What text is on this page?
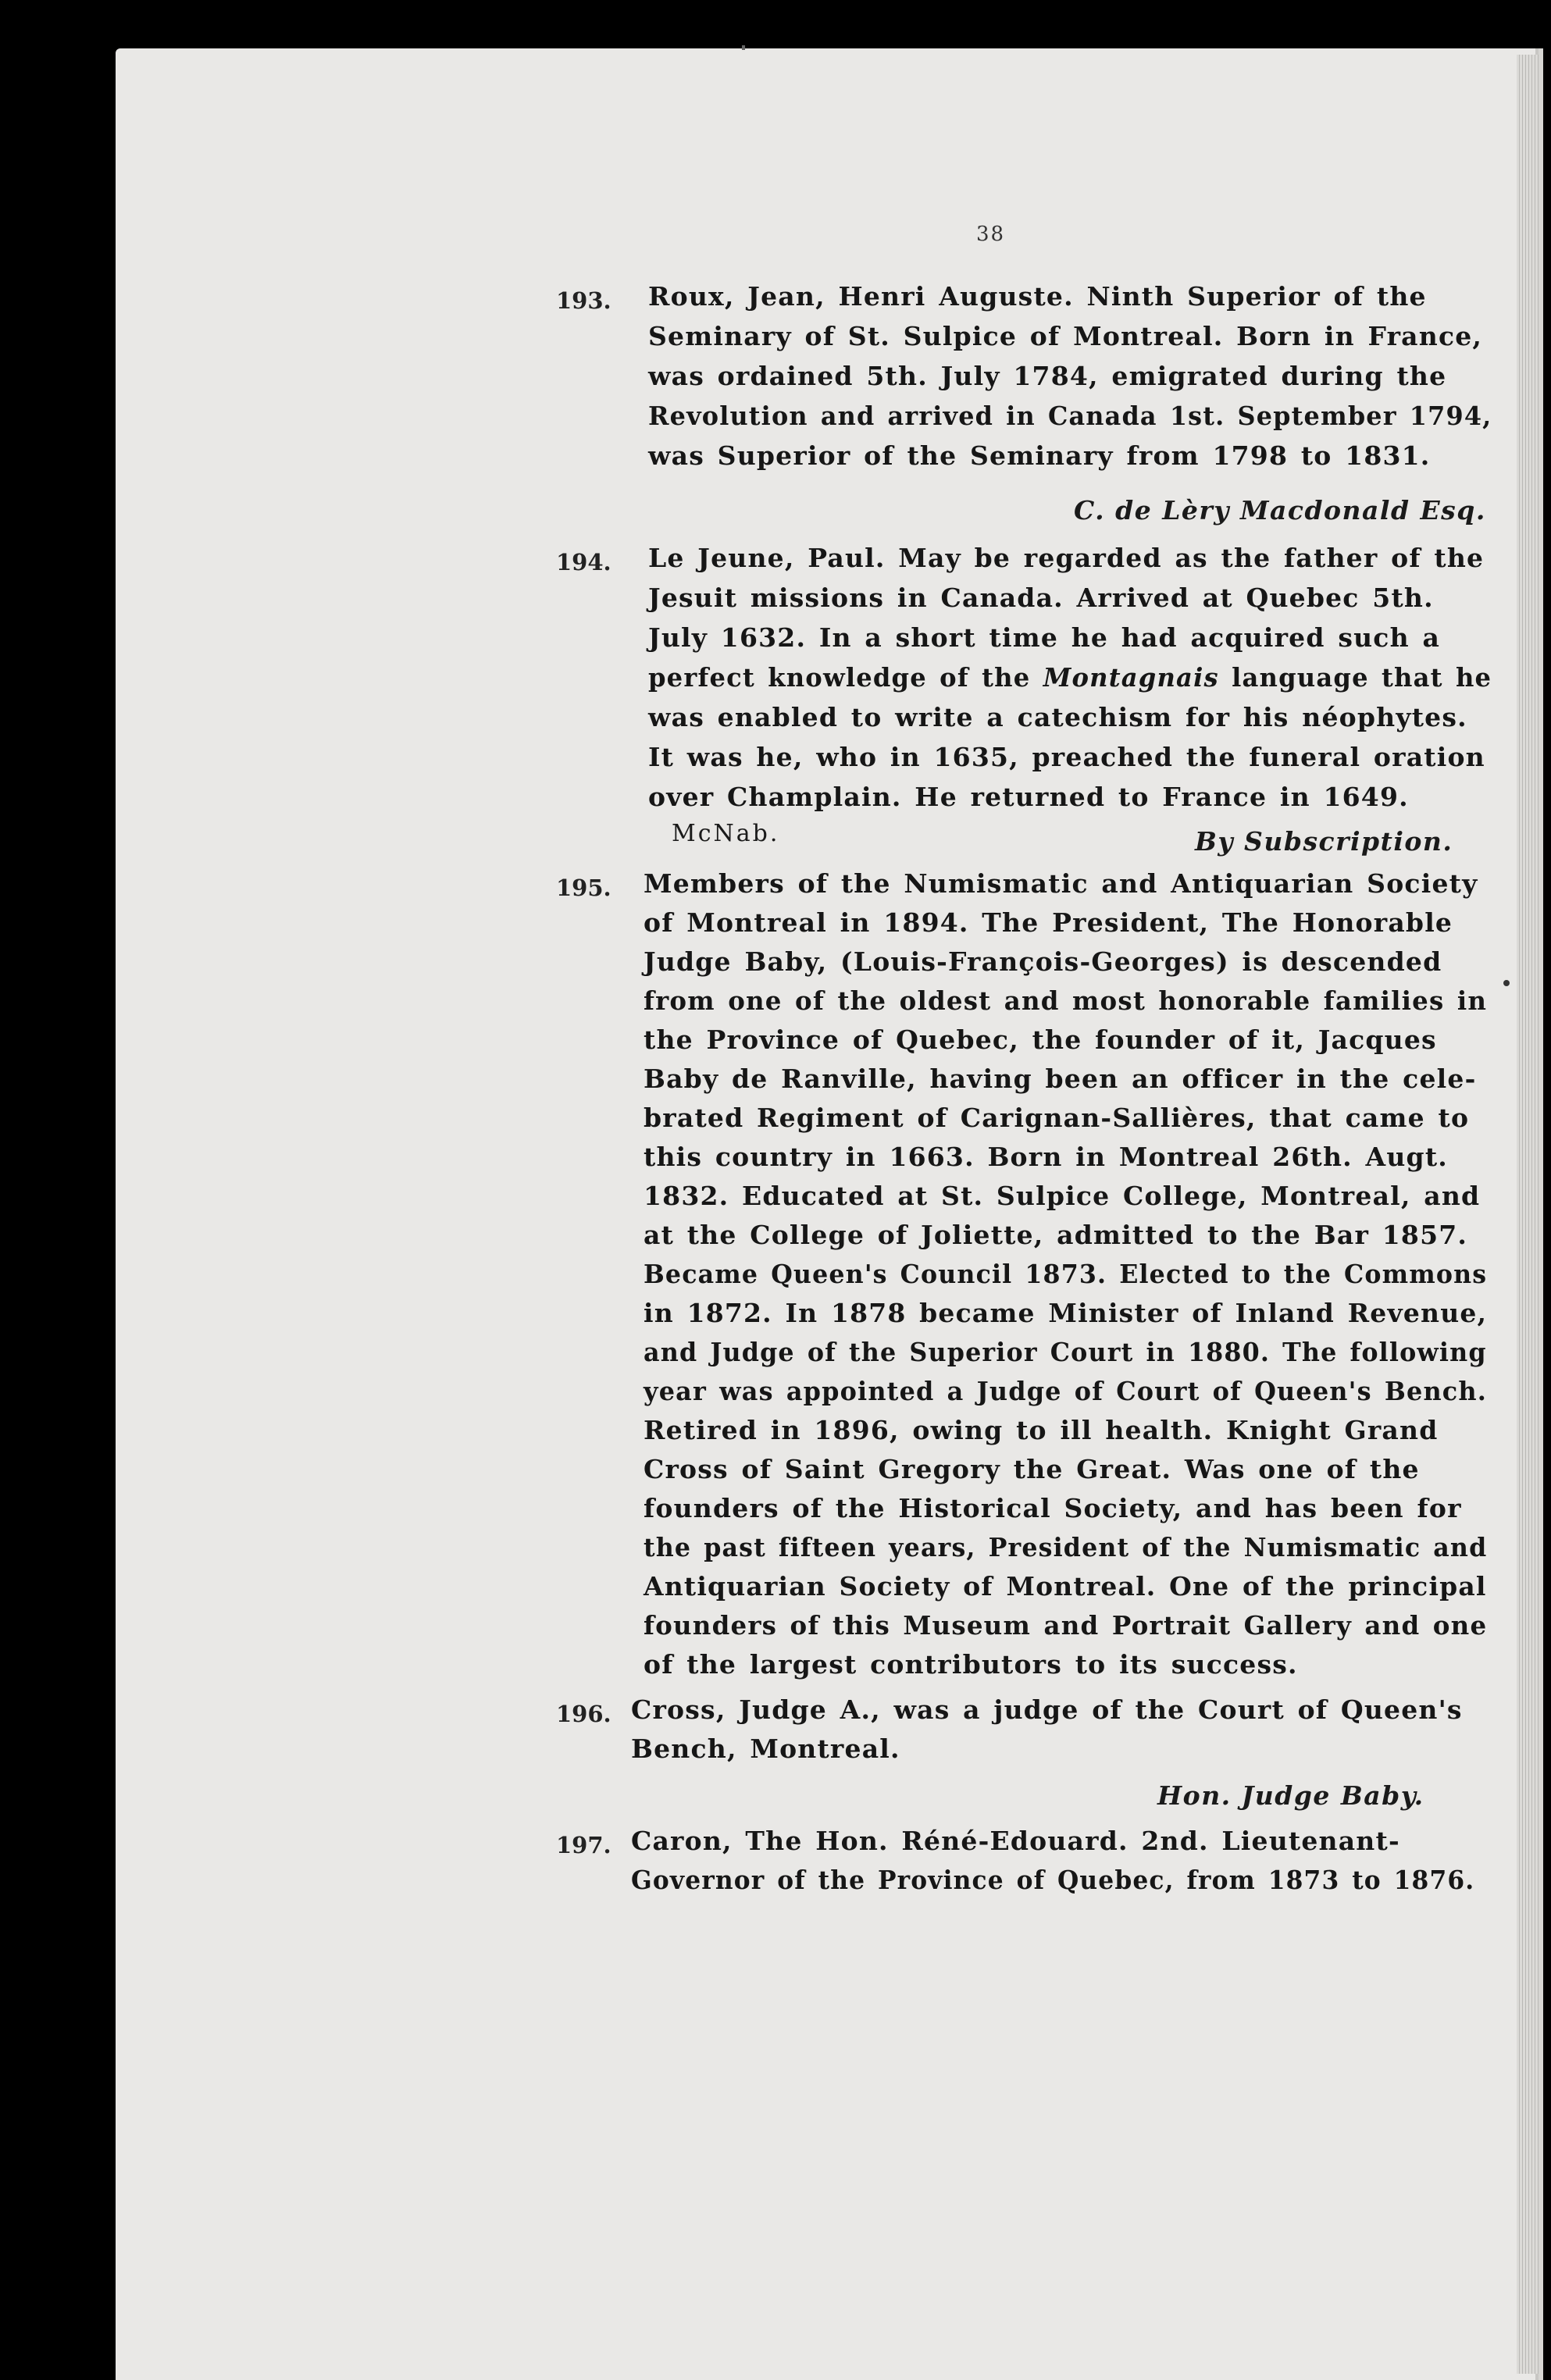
38
193. Roux, Jean, Henri Auguste. Ninth Superior of the
Seminary of St. Sulpice of Montreal. Born in France,
was ordained 5th. July 1784, emigrated during the
Revolution and arrived in Canada 1st. September 1794,
was Superior of the Seminary from 1798 to 1831.
C. de Lèry Macdonald Esq.
194. Le Jeune, Paul. May be regarded as the father of the
Jesuit missions in Canada. Arrived at Quebec 5th.
July 1632. In a short time he had acquired such a
perfect knowledge of the Montagnais language that he
was enabled to write a catechism for his néophytes.
It was he, who in 1635, preached the funeral oration
over Champlain. He returned to France in 1649.
McNab.	By Subscription.
195. Members of the Numismatic and Antiquarian Society
of Montreal in 1894. The President, The Honorable
Judge Baby, (Louis-François-Georges) is descended
from one of the oldest and most honorable families in
the Province of Quebec, the founder of it, Jacques
Baby de Ranville, having been an officer in the cele-
brated Regiment of Carignan-Sallières, that came to
this country in 1663. Born in Montreal 26th. Augt.
1832. Educated at St. Sulpice College, Montreal, and
at the College of Joliette, admitted to the Bar 1857.
Became Queen's Council 1873. Elected to the Commons
in 1872. In 1878 became Minister of Inland Revenue,
and Judge of the Superior Court in 1880. The following
year was appointed a Judge of Court of Queen's Bench.
Retired in 1896, owing to ill health. Knight Grand
Cross of Saint Gregory the Great. Was one of the
founders of the Historical Society, and has been for
the past fifteen years, President of the Numismatic and
Antiquarian Society of Montreal. One of the principal
founders of this Museum and Portrait Gallery and one
of the largest contributors to its success.
196. Cross, Judge A., was a judge of the Court of Queen's
Bench, Montreal.
Hon. Judge Baby.
197. Caron, The Hon. Réné-Edouard. 2nd. Lieutenant-
Governor of the Province of Quebec, from 1873 to 1876.
